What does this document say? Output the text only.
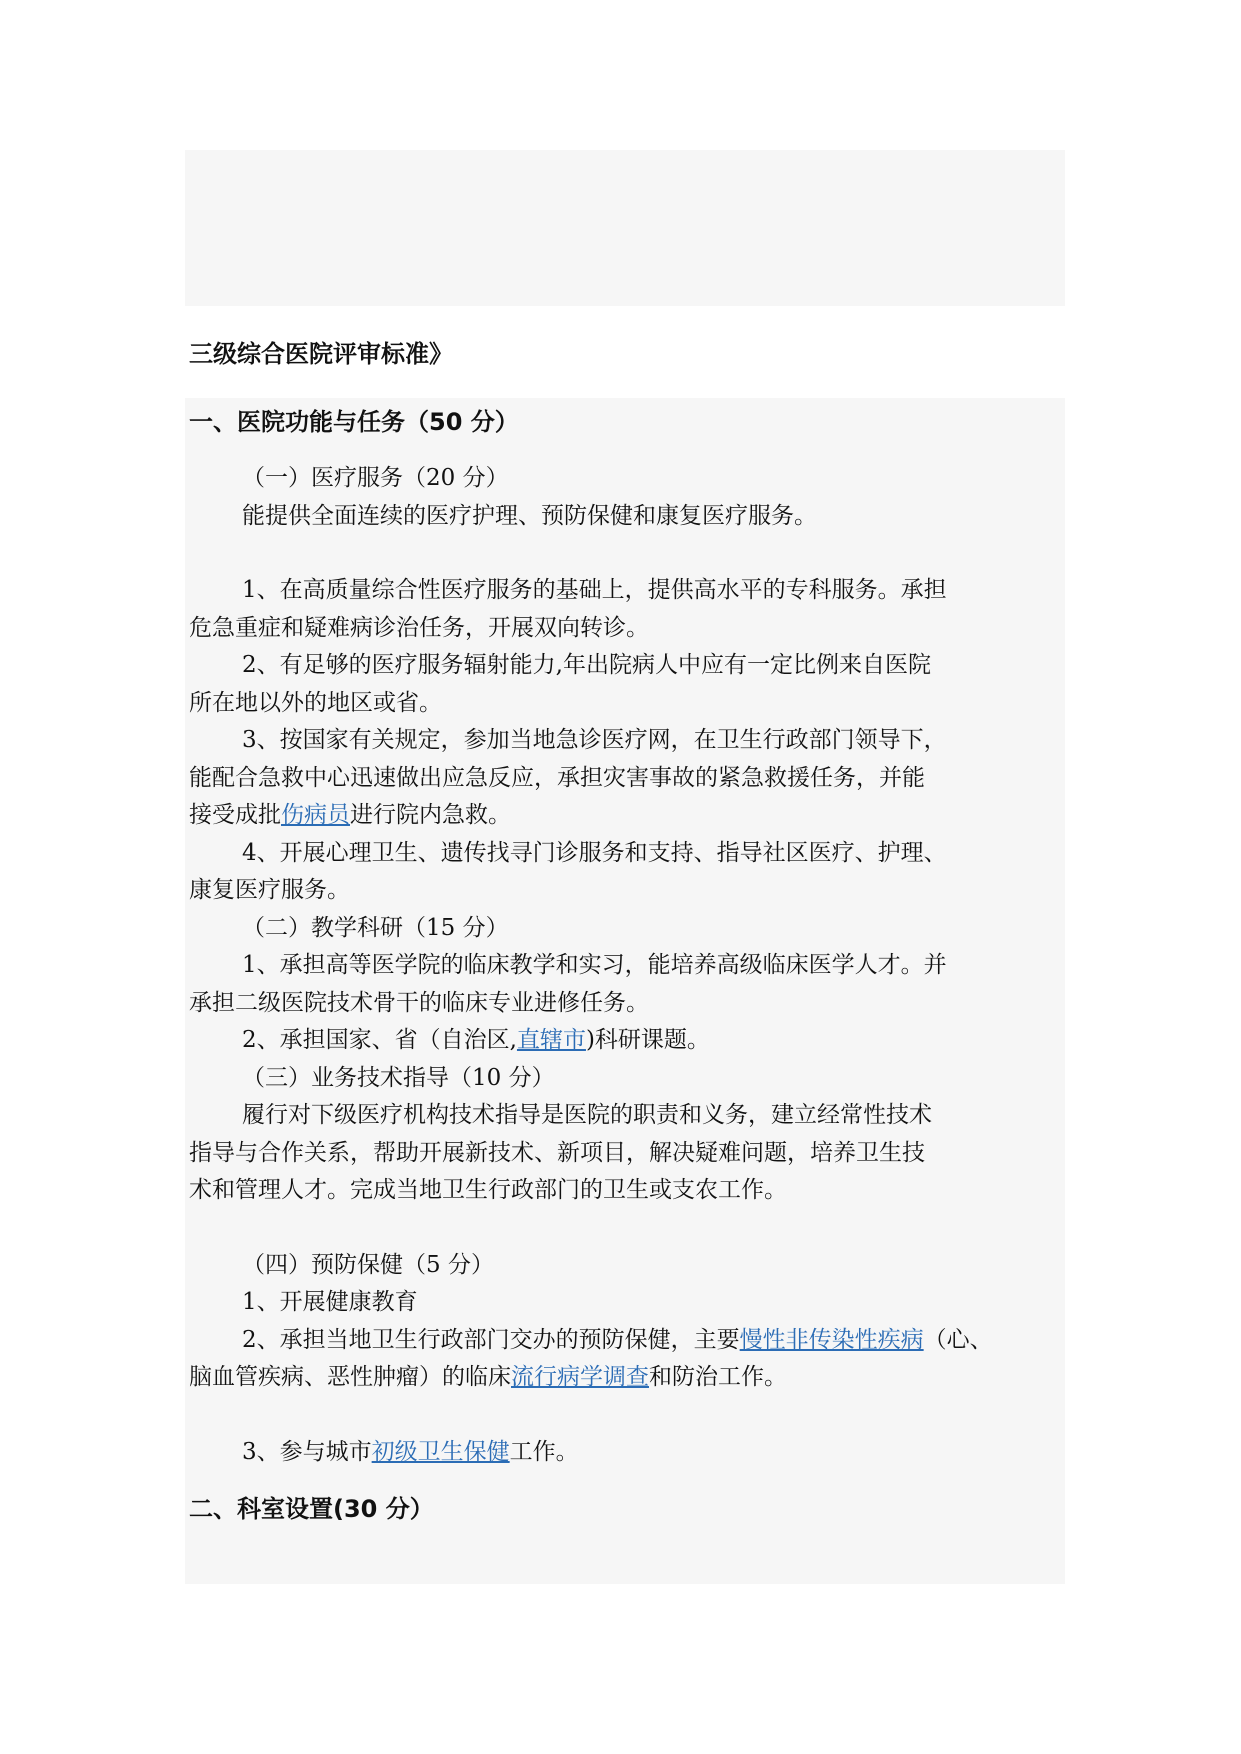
三级综合医院评审标准》
一、医院功能与任务（50 分）

（一）医疗服务（20 分）

能提供全面连续的医疗护理、预防保健和康复医疗服务。

1、在高质量综合性医疗服务的基础上，提供高水平的专科服务。承担

危急重症和疑难病诊治任务，开展双向转诊。

2、有足够的医疗服务辐射能力,年出院病人中应有一定比例来自医院

所在地以外的地区或省。

3、按国家有关规定，参加当地急诊医疗网，在卫生行政部门领导下，

能配合急救中心迅速做出应急反应，承担灾害事故的紧急救援任务，并能

接受成批伤病员进行院内急救。

4、开展心理卫生、遗传找寻门诊服务和支持、指导社区医疗、护理、

康复医疗服务。

（二）教学科研（15 分）

1、承担高等医学院的临床教学和实习，能培养高级临床医学人才。并

承担二级医院技术骨干的临床专业进修任务。

2、承担国家、省（自治区,直辖市)科研课题。

（三）业务技术指导（10 分）

履行对下级医疗机构技术指导是医院的职责和义务，建立经常性技术

指导与合作关系，帮助开展新技术、新项目，解决疑难问题，培养卫生技

术和管理人才。完成当地卫生行政部门的卫生或支农工作。

（四）预防保健（5 分）

1、开展健康教育

2、承担当地卫生行政部门交办的预防保健，主要慢性非传染性疾病（心、

脑血管疾病、恶性肿瘤）的临床流行病学调查和防治工作。

3、参与城市初级卫生保健工作。

二、科室设置(30 分）
